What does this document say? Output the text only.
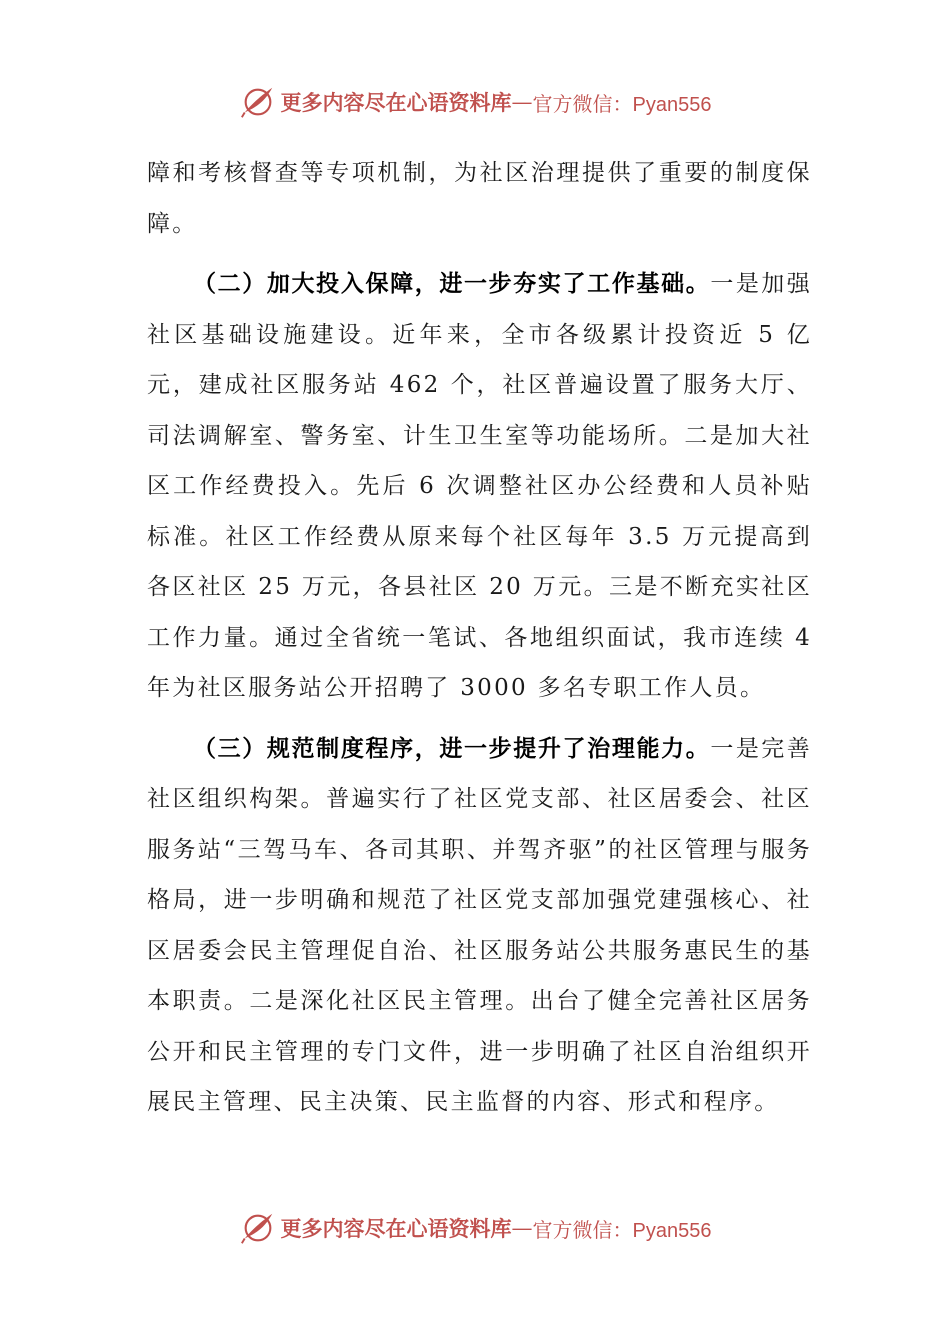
更多内容尽在心语资料库 — 官方微信：Pyan556

障和考核督查等专项机制，为社区治理提供了重要的制度保障。

（二）加大投入保障，进一步夯实了工作基础。一是加强社区基础设施建设。近年来，全市各级累计投资近 5 亿元，建成社区服务站 462 个，社区普遍设置了服务大厅、司法调解室、警务室、计生卫生室等功能场所。二是加大社区工作经费投入。先后 6 次调整社区办公经费和人员补贴标准。社区工作经费从原来每个社区每年 3.5 万元提高到各区社区 25 万元，各县社区 20 万元。三是不断充实社区工作力量。通过全省统一笔试、各地组织面试，我市连续 4 年为社区服务站公开招聘了 3000 多名专职工作人员。

（三）规范制度程序，进一步提升了治理能力。一是完善社区组织构架。普遍实行了社区党支部、社区居委会、社区服务站“三驾马车、各司其职、并驾齐驱”的社区管理与服务格局，进一步明确和规范了社区党支部加强党建强核心、社区居委会民主管理促自治、社区服务站公共服务惠民生的基本职责。二是深化社区民主管理。出台了健全完善社区居务公开和民主管理的专门文件，进一步明确了社区自治组织开展民主管理、民主决策、民主监督的内容、形式和程序。

更多内容尽在心语资料库 — 官方微信：Pyan556
